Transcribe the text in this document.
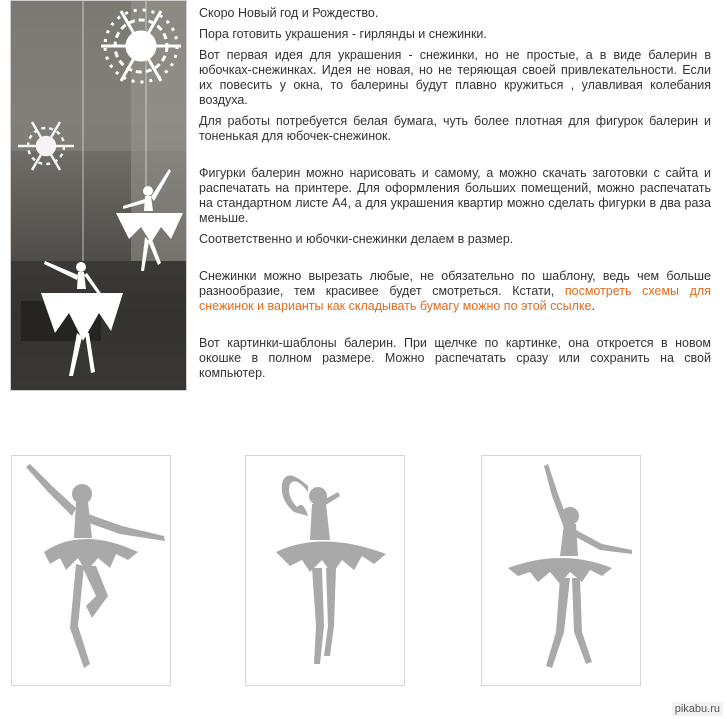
Скоро Новый год и Рождество.

Пора готовить украшения - гирлянды и снежинки.

Вот первая идея для украшения - снежинки, но не простые, а в виде балерин в юбочках-снежинках. Идея не новая, но не теряющая своей привлекательности. Если их повесить у окна, то балерины будут плавно кружиться , улавливая колебания воздуха.

Для работы потребуется белая бумага, чуть более плотная для фигурок балерин и тоненькая для юбочек-снежинок.

Фигурки балерин можно нарисовать и самому, а можно скачать заготовки с сайта и распечатать на принтере. Для оформления больших помещений, можно распечатать на стандартном листе А4, а для украшения квартир можно сделать фигурки в два раза меньше.

Соответственно и юбочки-снежинки делаем в размер.

Снежинки можно вырезать любые, не обязательно по шаблону, ведь чем больше разнообразие, тем красивее будет смотреться. Кстати, посмотреть схемы для снежинок и варианты как складывать бумагу можно по этой ссылке.

Вот картинки-шаблоны балерин. При щелчке по картинке, она откроется в новом окошке в полном размере. Можно распечатать сразу или сохранить на свой компьютер.

pikabu.ru
